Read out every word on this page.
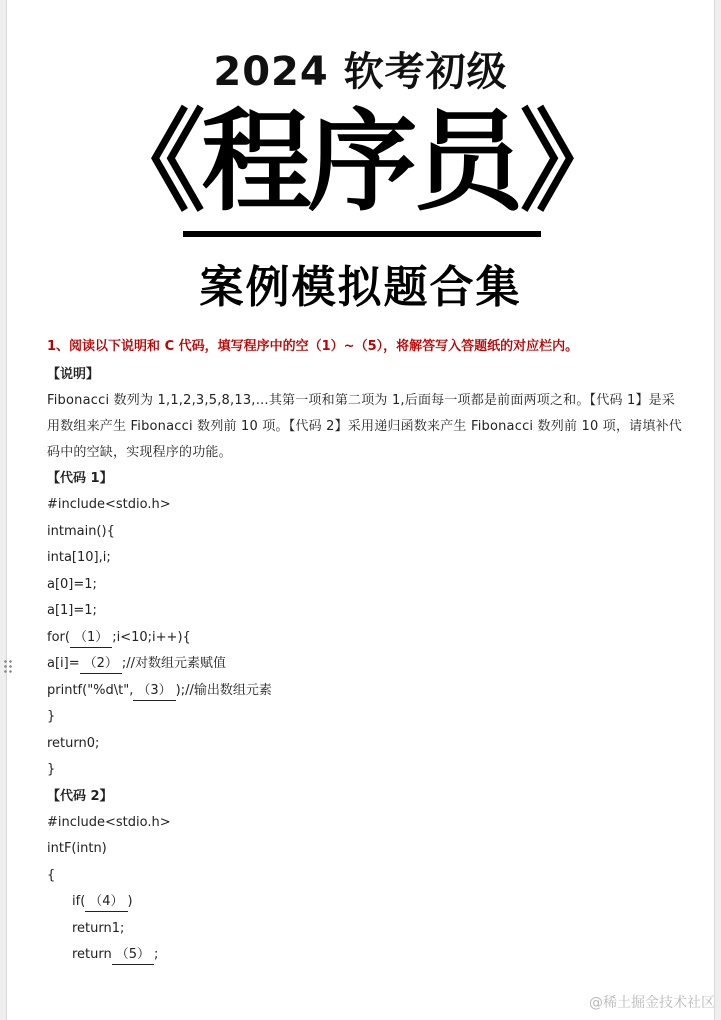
2024 软考初级
《程序员》
案例模拟题合集

1、阅读以下说明和 C 代码，填写程序中的空（1）~（5），将解答写入答题纸的对应栏内。

【说明】

Fibonacci 数列为 1,1,2,3,5,8,13,…其第一项和第二项为 1,后面每一项都是前面两项之和。【代码 1】是采用数组来产生 Fibonacci 数列前 10 项。【代码 2】采用递归函数来产生 Fibonacci 数列前 10 项，请填补代码中的空缺，实现程序的功能。

【代码 1】

#include<stdio.h>
intmain(){
inta[10],i;
a[0]=1;
a[1]=1;
for( （1） ;i<10;i++){
a[i]= （2） ;//对数组元素赋值
printf("%d\t", （3） );//输出数组元素
}
return0;
}

【代码 2】

#include<stdio.h>
intF(intn)
{
if( （4） )
return1;
return （5） ;
@稀土掘金技术社区
